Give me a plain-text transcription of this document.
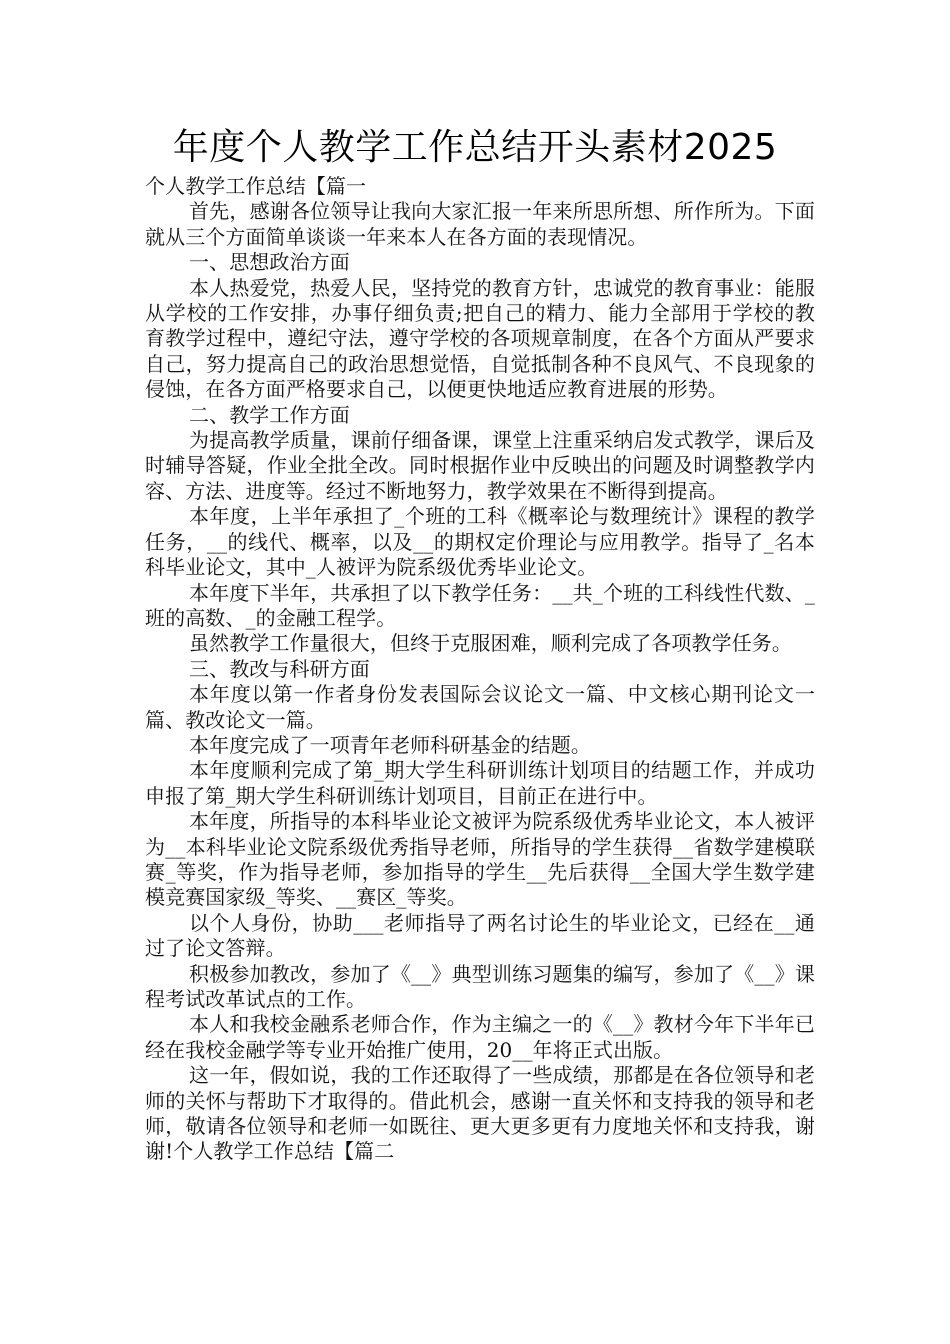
年度个人教学工作总结开头素材2025

个人教学工作总结【篇一

首先，感谢各位领导让我向大家汇报一年来所思所想、所作所为。下面就从三个方面简单谈谈一年来本人在各方面的表现情况。

一、思想政治方面

本人热爱党，热爱人民，坚持党的教育方针，忠诚党的教育事业：能服从学校的工作安排，办事仔细负责;把自己的精力、能力全部用于学校的教育教学过程中，遵纪守法，遵守学校的各项规章制度，在各个方面从严要求自己，努力提高自己的政治思想觉悟，自觉抵制各种不良风气、不良现象的侵蚀，在各方面严格要求自己，以便更快地适应教育进展的形势。

二、教学工作方面

为提高教学质量，课前仔细备课，课堂上注重采纳启发式教学，课后及时辅导答疑，作业全批全改。同时根据作业中反映出的问题及时调整教学内容、方法、进度等。经过不断地努力，教学效果在不断得到提高。

本年度，上半年承担了_个班的工科《概率论与数理统计》课程的教学任务，__的线代、概率，以及__的期权定价理论与应用教学。指导了_名本科毕业论文，其中_人被评为院系级优秀毕业论文。

本年度下半年，共承担了以下教学任务：__共_个班的工科线性代数、_班的高数、_的金融工程学。

虽然教学工作量很大，但终于克服困难，顺利完成了各项教学任务。

三、教改与科研方面

本年度以第一作者身份发表国际会议论文一篇、中文核心期刊论文一篇、教改论文一篇。

本年度完成了一项青年老师科研基金的结题。

本年度顺利完成了第_期大学生科研训练计划项目的结题工作，并成功申报了第_期大学生科研训练计划项目，目前正在进行中。

本年度，所指导的本科毕业论文被评为院系级优秀毕业论文，本人被评为__本科毕业论文院系级优秀指导老师，所指导的学生获得__省数学建模联赛_等奖，作为指导老师，参加指导的学生__先后获得__全国大学生数学建模竞赛国家级_等奖、__赛区_等奖。

以个人身份，协助___老师指导了两名讨论生的毕业论文，已经在__通过了论文答辩。

积极参加教改，参加了《__》典型训练习题集的编写，参加了《__》课程考试改革试点的工作。

本人和我校金融系老师合作，作为主编之一的《__》教材今年下半年已经在我校金融学等专业开始推广使用，20__年将正式出版。

这一年，假如说，我的工作还取得了一些成绩，那都是在各位领导和老师的关怀与帮助下才取得的。借此机会，感谢一直关怀和支持我的领导和老师，敬请各位领导和老师一如既往、更大更多更有力度地关怀和支持我，谢谢!个人教学工作总结【篇二
